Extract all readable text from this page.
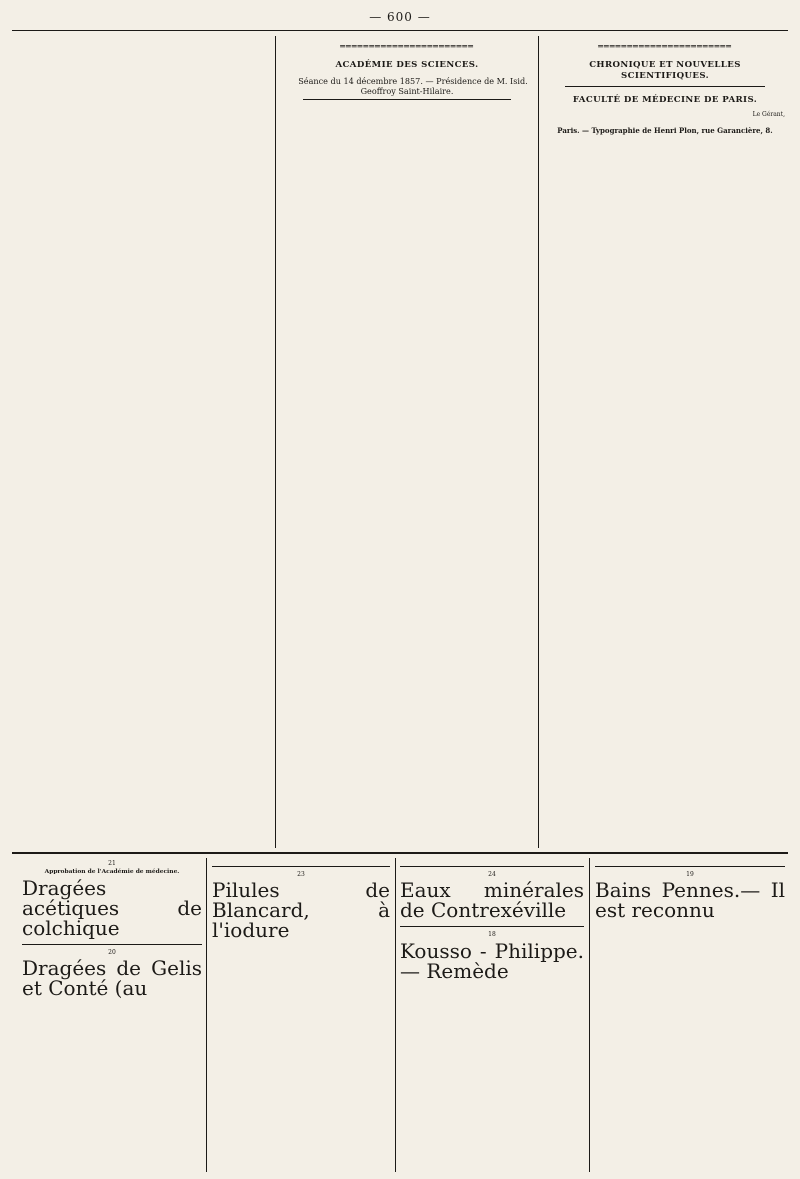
— 600 —
═══════════════════════
ACADÉMIE DES SCIENCES.

Séance du 14 décembre 1857. — Présidence de M. Isid. Geoffroy Saint-Hilaire.

═══════════════════════
CHRONIQUE ET NOUVELLES SCIENTIFIQUES.
FACULTÉ DE MÉDECINE DE PARIS.

Le Gérant,

Paris. — Typographie de Henri Plon, rue Garancière, 8.
21
Approbation de l'Académie de médecine.
Dragées acétiques de colchique

20
Dragées de Gelis et Conté (au

23
Pilules de Blancard, à l'iodure

24
Eaux minérales de Contrexéville

18
Kousso - Philippe. — Remède

19
Bains Pennes.— Il est reconnu
